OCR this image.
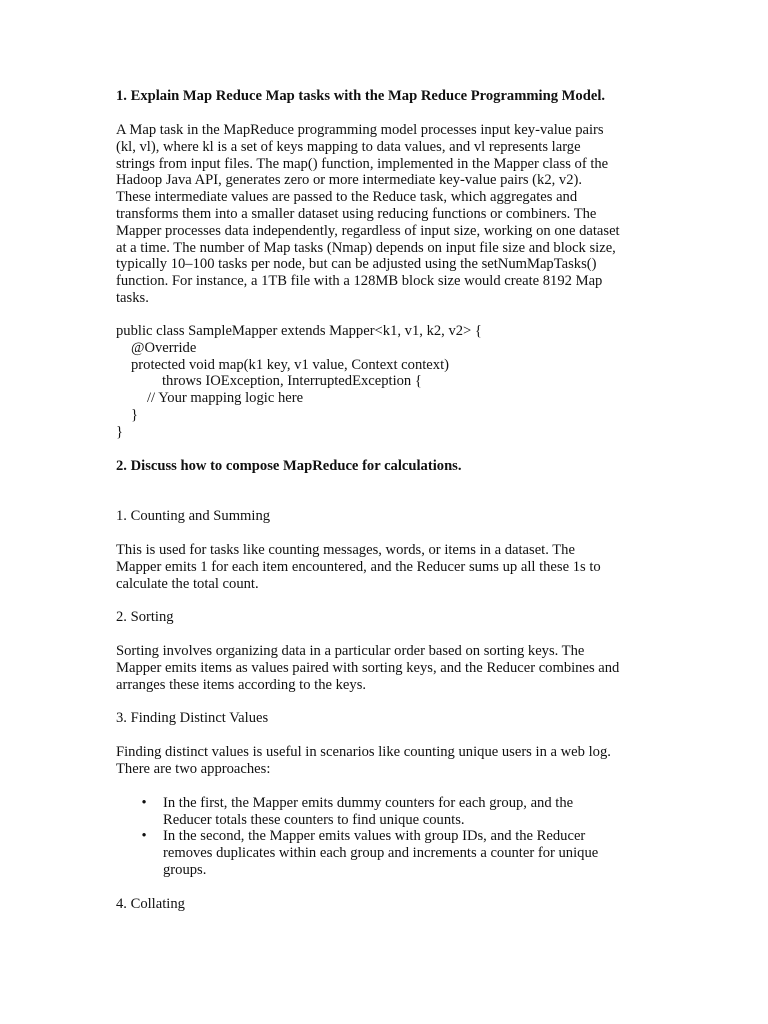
1. Explain Map Reduce Map tasks with the Map Reduce Programming Model.
A Map task in the MapReduce programming model processes input key-value pairs
(kl, vl), where kl is a set of keys mapping to data values, and vl represents large
strings from input files. The map() function, implemented in the Mapper class of the
Hadoop Java API, generates zero or more intermediate key-value pairs (k2, v2).
These intermediate values are passed to the Reduce task, which aggregates and
transforms them into a smaller dataset using reducing functions or combiners. The
Mapper processes data independently, regardless of input size, working on one dataset
at a time. The number of Map tasks (Nmap) depends on input file size and block size,
typically 10–100 tasks per node, but can be adjusted using the setNumMapTasks()
function. For instance, a 1TB file with a 128MB block size would create 8192 Map
tasks.
public class SampleMapper extends Mapper<k1, v1, k2, v2> {
@Override
protected void map(k1 key, v1 value, Context context)
throws IOException, InterruptedException {
// Your mapping logic here
}
}
2. Discuss how to compose MapReduce for calculations.
1. Counting and Summing
This is used for tasks like counting messages, words, or items in a dataset. The
Mapper emits 1 for each item encountered, and the Reducer sums up all these 1s to
calculate the total count.
2. Sorting
Sorting involves organizing data in a particular order based on sorting keys. The
Mapper emits items as values paired with sorting keys, and the Reducer combines and
arranges these items according to the keys.
3. Finding Distinct Values
Finding distinct values is useful in scenarios like counting unique users in a web log.
There are two approaches:
• In the first, the Mapper emits dummy counters for each group, and the
Reducer totals these counters to find unique counts.
• In the second, the Mapper emits values with group IDs, and the Reducer
removes duplicates within each group and increments a counter for unique
groups.
4. Collating
